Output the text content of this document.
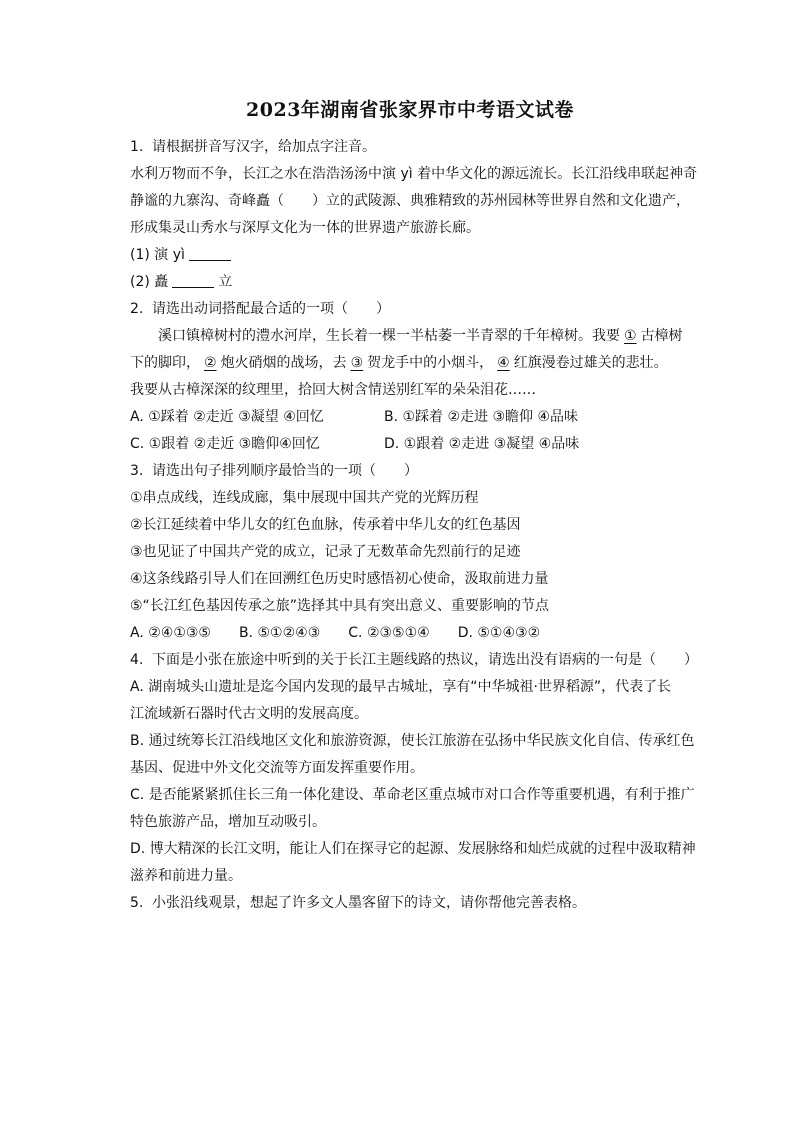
2023年湖南省张家界市中考语文试卷

1. 请根据拼音写汉字，给加点字注音。

水利万物而不争，长江之水在浩浩汤汤中演 yì 着中华文化的源远流长。长江沿线串联起神奇

静谧的九寨沟、奇峰矗（　　）立的武陵源、典雅精致的苏州园林等世界自然和文化遗产，

形成集灵山秀水与深厚文化为一体的世界遗产旅游长廊。

(1) 演 yì

(2) 矗	立

2. 请选出动词搭配最合适的一项（　　）

溪口镇樟树村的澧水河岸，生长着一棵一半枯萎一半青翠的千年樟树。我要 ① 古樟树

下的脚印， ② 炮火硝烟的战场，去 ③ 贺龙手中的小烟斗， ④ 红旗漫卷过雄关的悲壮。

我要从古樟深深的纹理里，拾回大树含情送别红军的朵朵泪花……

A. ①踩着 ②走近 ③凝望 ④回忆	B. ①踩着 ②走进 ③瞻仰 ④品味

C. ①跟着 ②走近 ③瞻仰④回忆	D. ①跟着 ②走进 ③凝望 ④品味

3. 请选出句子排列顺序最恰当的一项（　　）

①串点成线，连线成廊，集中展现中国共产党的光辉历程

②长江延续着中华儿女的红色血脉，传承着中华儿女的红色基因

③也见证了中国共产党的成立，记录了无数革命先烈前行的足迹

④这条线路引导人们在回溯红色历史时感悟初心使命，汲取前进力量

⑤“长江红色基因传承之旅”选择其中具有突出意义、重要影响的节点

A. ②④①③⑤ B. ⑤①②④③ C. ②③⑤①④ D. ⑤①④③②

4. 下面是小张在旅途中听到的关于长江主题线路的热议，请选出没有语病的一句是（　　）

A. 湖南城头山遗址是迄今国内发现的最早古城址，享有“中华城祖·世界稻源”，代表了长

江流域新石器时代古文明的发展高度。

B. 通过统筹长江沿线地区文化和旅游资源，使长江旅游在弘扬中华民族文化自信、传承红色

基因、促进中外文化交流等方面发挥重要作用。

C. 是否能紧紧抓住长三角一体化建设、革命老区重点城市对口合作等重要机遇，有利于推广

特色旅游产品，增加互动吸引。

D. 博大精深的长江文明，能让人们在探寻它的起源、发展脉络和灿烂成就的过程中汲取精神

滋养和前进力量。

5. 小张沿线观景，想起了许多文人墨客留下的诗文，请你帮他完善表格。
